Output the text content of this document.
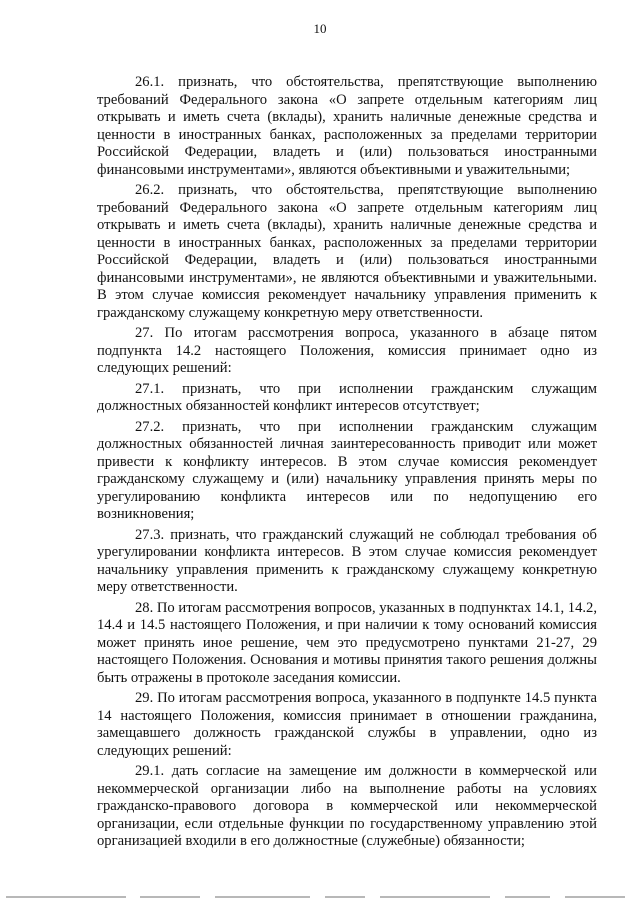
10

26.1. признать, что обстоятельства, препятствующие выполнению требований Федерального закона «О запрете отдельным категориям лиц открывать и иметь счета (вклады), хранить наличные денежные средства и ценности в иностранных банках, расположенных за пределами территории Российской Федерации, владеть и (или) пользоваться иностранными финансовыми инструментами», являются объективными и уважительными;

26.2. признать, что обстоятельства, препятствующие выполнению требований Федерального закона «О запрете отдельным категориям лиц открывать и иметь счета (вклады), хранить наличные денежные средства и ценности в иностранных банках, расположенных за пределами территории Российской Федерации, владеть и (или) пользоваться иностранными финансовыми инструментами», не являются объективными и уважительными. В этом случае комиссия рекомендует начальнику управления применить к гражданскому служащему конкретную меру ответственности.

27. По итогам рассмотрения вопроса, указанного в абзаце пятом подпункта 14.2 настоящего Положения, комиссия принимает одно из следующих решений:

27.1. признать, что при исполнении гражданским служащим должностных обязанностей конфликт интересов отсутствует;

27.2. признать, что при исполнении гражданским служащим должностных обязанностей личная заинтересованность приводит или может привести к конфликту интересов. В этом случае комиссия рекомендует гражданскому служащему и (или) начальнику управления принять меры по урегулированию конфликта интересов или по недопущению его возникновения;

27.3. признать, что гражданский служащий не соблюдал требования об урегулировании конфликта интересов. В этом случае комиссия рекомендует начальнику управления применить к гражданскому служащему конкретную меру ответственности.

28. По итогам рассмотрения вопросов, указанных в подпунктах 14.1, 14.2, 14.4 и 14.5 настоящего Положения, и при наличии к тому оснований комиссия может принять иное решение, чем это предусмотрено пунктами 21-27, 29 настоящего Положения. Основания и мотивы принятия такого решения должны быть отражены в протоколе заседания комиссии.

29. По итогам рассмотрения вопроса, указанного в подпункте 14.5 пункта 14 настоящего Положения, комиссия принимает в отношении гражданина, замещавшего должность гражданской службы в управлении, одно из следующих решений:

29.1. дать согласие на замещение им должности в коммерческой или некоммерческой организации либо на выполнение работы на условиях гражданско-правового договора в коммерческой или некоммерческой организации, если отдельные функции по государственному управлению этой организацией входили в его должностные (служебные) обязанности;
